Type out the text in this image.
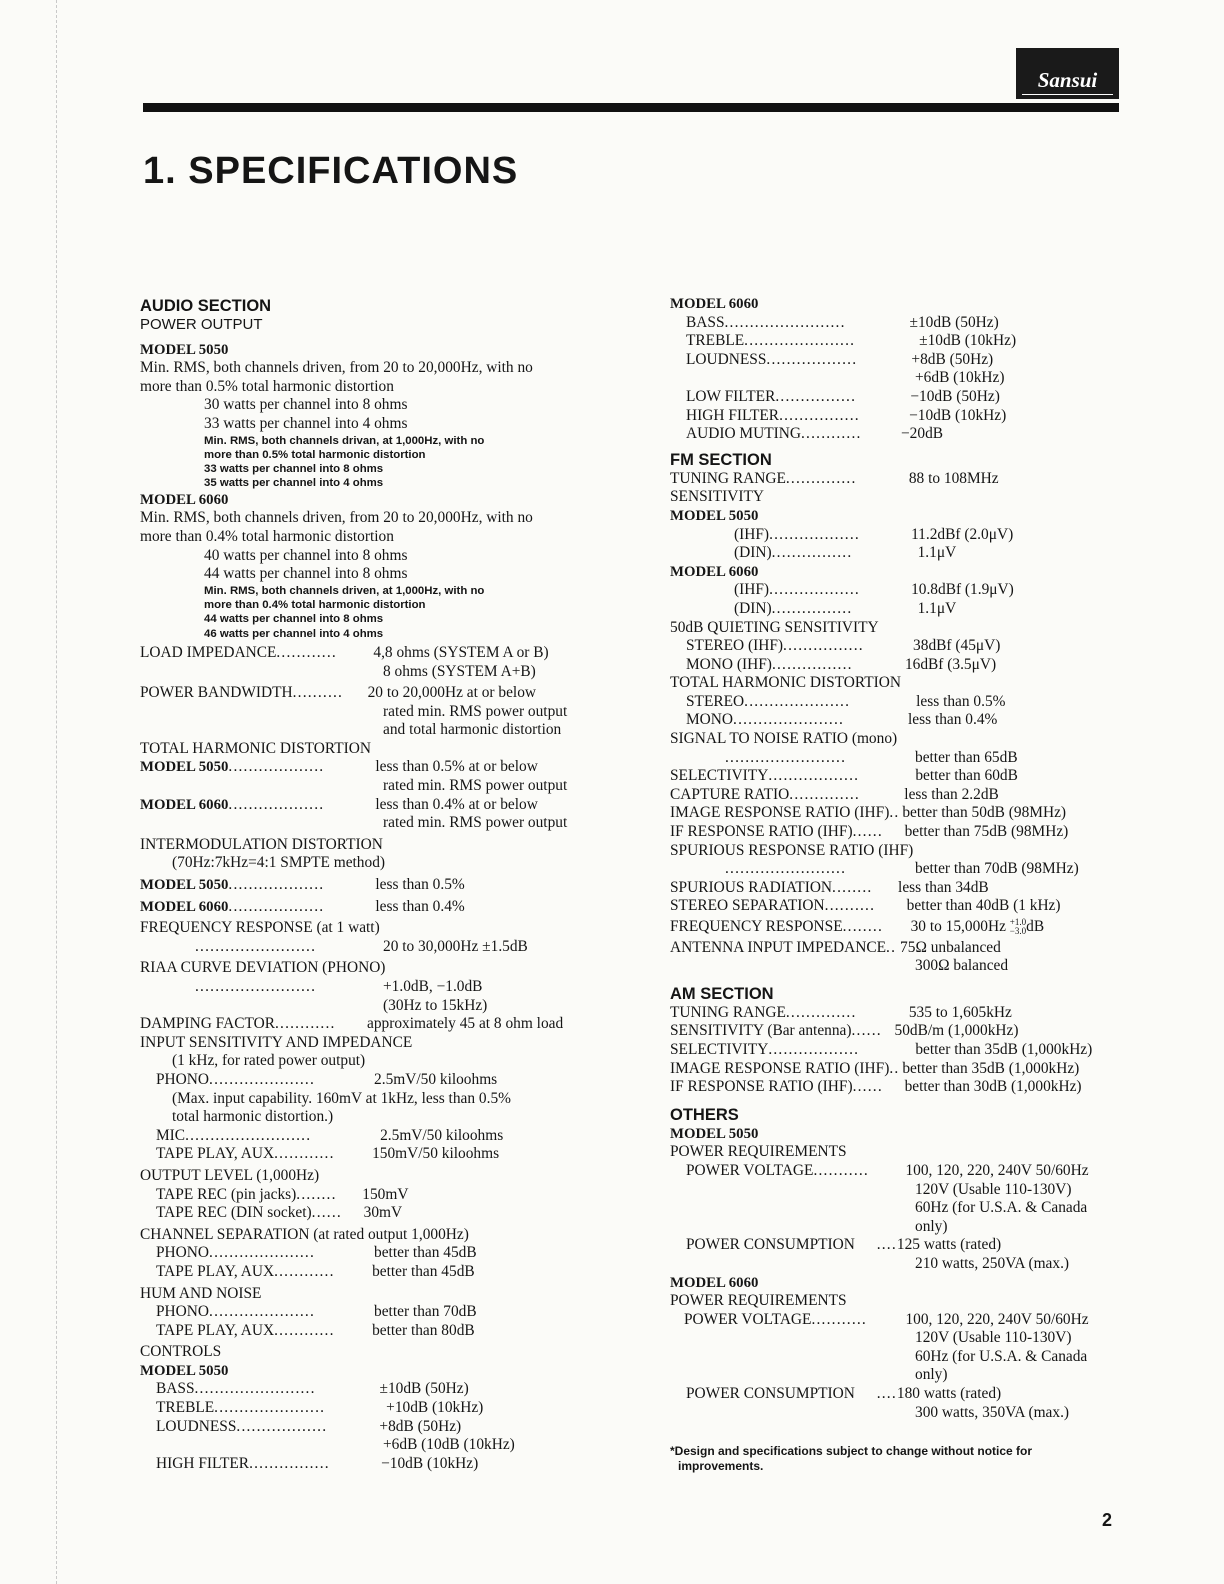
Sansui
1. SPECIFICATIONS
AUDIO SECTION
POWER OUTPUT
MODEL 5050
Min. RMS, both channels driven, from 20 to 20,000Hz, with no
more than 0.5% total harmonic distortion
30 watts per channel into 8 ohms
33 watts per channel into 4 ohms
Min. RMS, both channels drivan, at 1,000Hz, with no
more than 0.5% total harmonic distortion
33 watts per channel into 8 ohms
35 watts per channel into 4 ohms
MODEL 6060
Min. RMS, both channels driven, from 20 to 20,000Hz, with no
more than 0.4% total harmonic distortion
40 watts per channel into 8 ohms
44 watts per channel into 8 ohms
Min. RMS, both channels driven, at 1,000Hz, with no
more than 0.4% total harmonic distortion
44 watts per channel into 8 ohms
46 watts per channel into 4 ohms
LOAD IMPEDANCE ............	4,8 ohms (SYSTEM A or B)
8 ohms (SYSTEM A+B)
POWER BANDWIDTH ..........	20 to 20,000Hz at or below
rated min. RMS power output
and total harmonic distortion
TOTAL HARMONIC DISTORTION
MODEL 5050 ...................	less than 0.5% at or below
rated min. RMS power output
MODEL 6060 ...................	less than 0.4% at or below
rated min. RMS power output
INTERMODULATION DISTORTION
(70Hz:7kHz=4:1 SMPTE method)
MODEL 5050 ...................	less than 0.5%
MODEL 6060 ...................	less than 0.4%
FREQUENCY RESPONSE (at 1 watt)
........................	20 to 30,000Hz ±1.5dB
RIAA CURVE DEVIATION (PHONO)
........................	+1.0dB, −1.0dB
(30Hz to 15kHz)
DAMPING FACTOR ............	approximately 45 at 8 ohm load
INPUT SENSITIVITY AND IMPEDANCE
(1 kHz, for rated power output)
PHONO .....................	2.5mV/50 kiloohms
(Max. input capability. 160mV at 1kHz, less than 0.5%
total harmonic distortion.)
MIC .........................	2.5mV/50 kiloohms
TAPE PLAY, AUX ............	150mV/50 kiloohms
OUTPUT LEVEL (1,000Hz)
TAPE REC (pin jacks) ........	150mV
TAPE REC (DIN socket) ......	30mV
CHANNEL SEPARATION (at rated output 1,000Hz)
PHONO .....................	better than 45dB
TAPE PLAY, AUX ............	better than 45dB
HUM AND NOISE
PHONO .....................	better than 70dB
TAPE PLAY, AUX ............	better than 80dB
CONTROLS
MODEL 5050
BASS ........................	±10dB (50Hz)
TREBLE ......................	+10dB (10kHz)
LOUDNESS ..................	+8dB (50Hz)
+6dB (10dB (10kHz)
HIGH FILTER ................	−10dB (10kHz)
MODEL 6060
BASS ........................	±10dB (50Hz)
TREBLE ......................	±10dB (10kHz)
LOUDNESS ..................	+8dB (50Hz)
+6dB (10kHz)
LOW FILTER ................	−10dB (50Hz)
HIGH FILTER ................	−10dB (10kHz)
AUDIO MUTING ............	−20dB
FM SECTION
TUNING RANGE ..............	88 to 108MHz
SENSITIVITY
MODEL 5050
(IHF) ..................	11.2dBf (2.0μV)
(DIN) ................	1.1μV
MODEL 6060
(IHF) ..................	10.8dBf (1.9μV)
(DIN) ................	1.1μV
50dB QUIETING SENSITIVITY
STEREO (IHF) ................	38dBf (45μV)
MONO (IHF) ................	16dBf (3.5μV)
TOTAL HARMONIC DISTORTION
STEREO .....................	less than 0.5%
MONO ......................	less than 0.4%
SIGNAL TO NOISE RATIO (mono)
........................	better than 65dB
SELECTIVITY ..................	better than 60dB
CAPTURE RATIO ..............	less than 2.2dB
IMAGE RESPONSE RATIO (IHF) .. better than 50dB (98MHz)
IF RESPONSE RATIO (IHF) ......	better than 75dB (98MHz)
SPURIOUS RESPONSE RATIO (IHF)
........................	better than 70dB (98MHz)
SPURIOUS RADIATION ........	less than 34dB
STEREO SEPARATION ..........	better than 40dB (1 kHz)
FREQUENCY RESPONSE ........	30 to 15,000Hz +1.0
−3.0 dB
ANTENNA INPUT IMPEDANCE .. 75Ω unbalanced
300Ω balanced
AM SECTION
TUNING RANGE ..............	535 to 1,605kHz
SENSITIVITY (Bar antenna) ...... 50dB/m (1,000kHz)
SELECTIVITY ..................	better than 35dB (1,000kHz)
IMAGE RESPONSE RATIO (IHF) .. better than 35dB (1,000kHz)
IF RESPONSE RATIO (IHF) ......	better than 30dB (1,000kHz)
OTHERS
MODEL 5050
POWER REQUIREMENTS
POWER VOLTAGE ...........	100, 120, 220, 240V 50/60Hz
120V (Usable 110-130V)
60Hz (for U.S.A. & Canada
only)
POWER CONSUMPTION	.... 125 watts (rated)
210 watts, 250VA (max.)
MODEL 6060
POWER REQUIREMENTS
POWER VOLTAGE ...........	100, 120, 220, 240V 50/60Hz
120V (Usable 110-130V)
60Hz (for U.S.A. & Canada
only)
POWER CONSUMPTION	.... 180 watts (rated)
300 watts, 350VA (max.)
*Design and specifications subject to change without notice for
improvements.
2
